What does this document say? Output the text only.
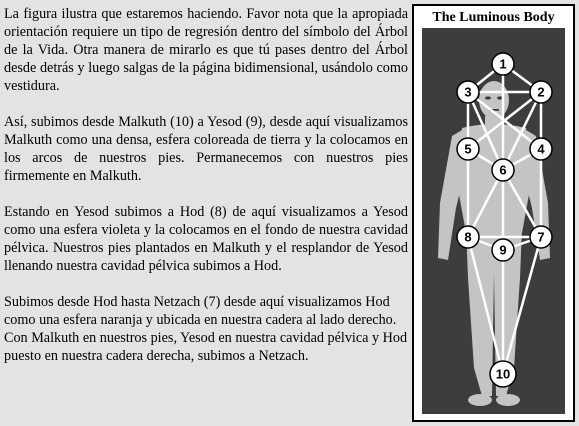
La figura ilustra que estaremos haciendo. Favor nota que la apropiada orientación requiere un tipo de regresión dentro del símbolo del Árbol de la Vida. Otra manera de mirarlo es que tú pases dentro del Árbol desde detrás y luego salgas de la página bidimensional, usándolo como vestidura.

Así, subimos desde Malkuth (10) a Yesod (9), desde aquí visualizamos Malkuth como una densa, esfera coloreada de tierra y la colocamos en los arcos de nuestros pies. Permanecemos con nuestros pies firmemente en Malkuth.

Estando en Yesod subimos a Hod (8) de aquí visualizamos a Yesod como una esfera violeta y la colocamos en el fondo de nuestra cavidad pélvica. Nuestros pies plantados en Malkuth y el resplandor de Yesod llenando nuestra cavidad pélvica subimos a Hod.

Subimos desde Hod hasta Netzach (7) desde aquí visualizamos Hod como una esfera naranja y ubicada en nuestra cadera al lado derecho. Con Malkuth en nuestros pies, Yesod en nuestra cavidad pélvica y Hod puesto en nuestra cadera derecha, subimos a Netzach.

The Luminous Body
1
2
3
4
5
6
7
8
9
10
